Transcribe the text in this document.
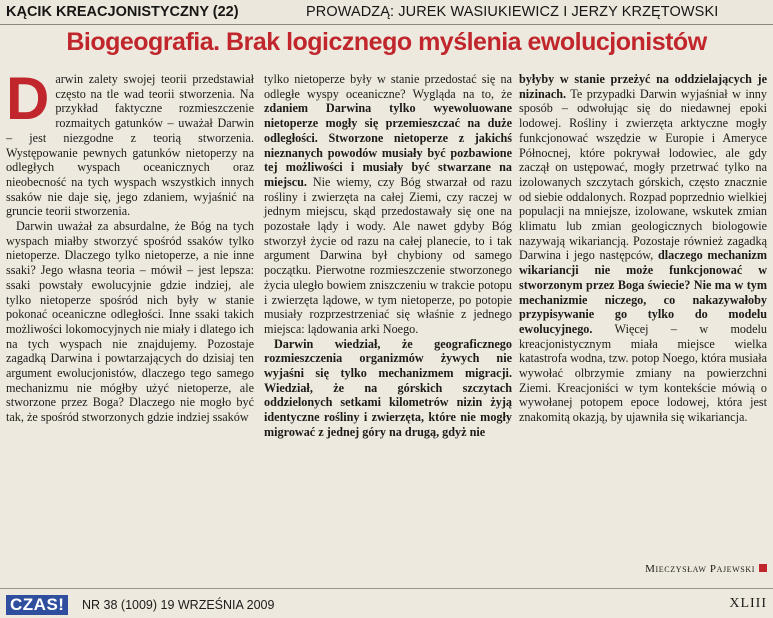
KĄCIK KREACJONISTYCZNY (22)	PROWADZĄ: JUREK WASIUKIEWICZ I JERZY KRZĘTOWSKI
Biogeografia. Brak logicznego myślenia ewolucjonistów

Darwin zalety swojej teorii przedstawiał często na tle wad teorii stworzenia. Na przykład faktyczne rozmieszczenie rozmaitych gatunków – uważał Darwin – jest niezgodne z teorią stworzenia. Występowanie pewnych gatunków nietoperzy na odległych wyspach oceanicznych oraz nieobecność na tych wyspach wszystkich innych ssaków nie daje się, jego zdaniem, wyjaśnić na gruncie teorii stworzenia.

Darwin uważał za absurdalne, że Bóg na tych wyspach miałby stworzyć spośród ssaków tylko nietoperze. Dlaczego tylko nietoperze, a nie inne ssaki? Jego własna teoria – mówił – jest lepsza: ssaki powstały ewolucyjnie gdzie indziej, ale tylko nietoperze spośród nich były w stanie pokonać oceaniczne odległości. Inne ssaki takich możliwości lokomocyjnych nie miały i dlatego ich na tych wyspach nie znajdujemy. Pozostaje zagadką Darwina i powtarzających do dzisiaj ten argument ewolucjonistów, dlaczego tego samego mechanizmu nie mógłby użyć nietoperze, ale stworzone przez Boga? Dlaczego nie mogło być tak, że spośród stworzonych gdzie indziej ssaków

tylko nietoperze były w stanie przedostać się na odległe wyspy oceaniczne? Wygląda na to, że zdaniem Darwina tylko wyewoluowane nietoperze mogły się przemieszczać na duże odległości. Stworzone nietoperze z jakichś nieznanych powodów musiały być pozbawione tej możliwości i musiały być stwarzane na miejscu. Nie wiemy, czy Bóg stwarzał od razu rośliny i zwierzęta na całej Ziemi, czy raczej w jednym miejscu, skąd przedostawały się one na pozostałe lądy i wody. Ale nawet gdyby Bóg stworzył życie od razu na całej planecie, to i tak argument Darwina był chybiony od samego początku. Pierwotne rozmieszczenie stworzonego życia uległo bowiem zniszczeniu w trakcie potopu i zwierzęta lądowe, w tym nietoperze, po potopie musiały rozprzestrzeniać się właśnie z jednego miejsca: lądowania arki Noego.

Darwin wiedział, że geograficznego rozmieszczenia organizmów żywych nie wyjaśni się tylko mechanizmem migracji. Wiedział, że na górskich szczytach oddzielonych setkami kilometrów nizin żyją identyczne rośliny i zwierzęta, które nie mogły migrować z jednej góry na drugą, gdyż nie

byłyby w stanie przeżyć na oddzielających je nizinach. Te przypadki Darwin wyjaśniał w inny sposób – odwołując się do niedawnej epoki lodowej. Rośliny i zwierzęta arktyczne mogły funkcjonować wszędzie w Europie i Ameryce Północnej, które pokrywał lodowiec, ale gdy zaczął on ustępować, mogły przetrwać tylko na izolowanych szczytach górskich, często znacznie od siebie oddalonych. Rozpad poprzednio wielkiej populacji na mniejsze, izolowane, wskutek zmian klimatu lub zmian geologicznych biologowie nazywają wikariancją. Pozostaje również zagadką Darwina i jego następców, dlaczego mechanizm wikariancji nie może funkcjonować w stworzonym przez Boga świecie? Nie ma w tym mechanizmie niczego, co nakazywałoby przypisywanie go tylko do modelu ewolucyjnego. Więcej – w modelu kreacjonistycznym miała miejsce wielka katastrofa wodna, tzw. potop Noego, która musiała wywołać olbrzymie zmiany na powierzchni Ziemi. Kreacjoniści w tym kontekście mówią o wywołanej potopem epoce lodowej, która jest znakomitą okazją, by ujawniła się wikariancja.

Mieczysław Pajewski
CZAS!	NR 38 (1009) 19 WRZEŚNIA 2009	XLIII
